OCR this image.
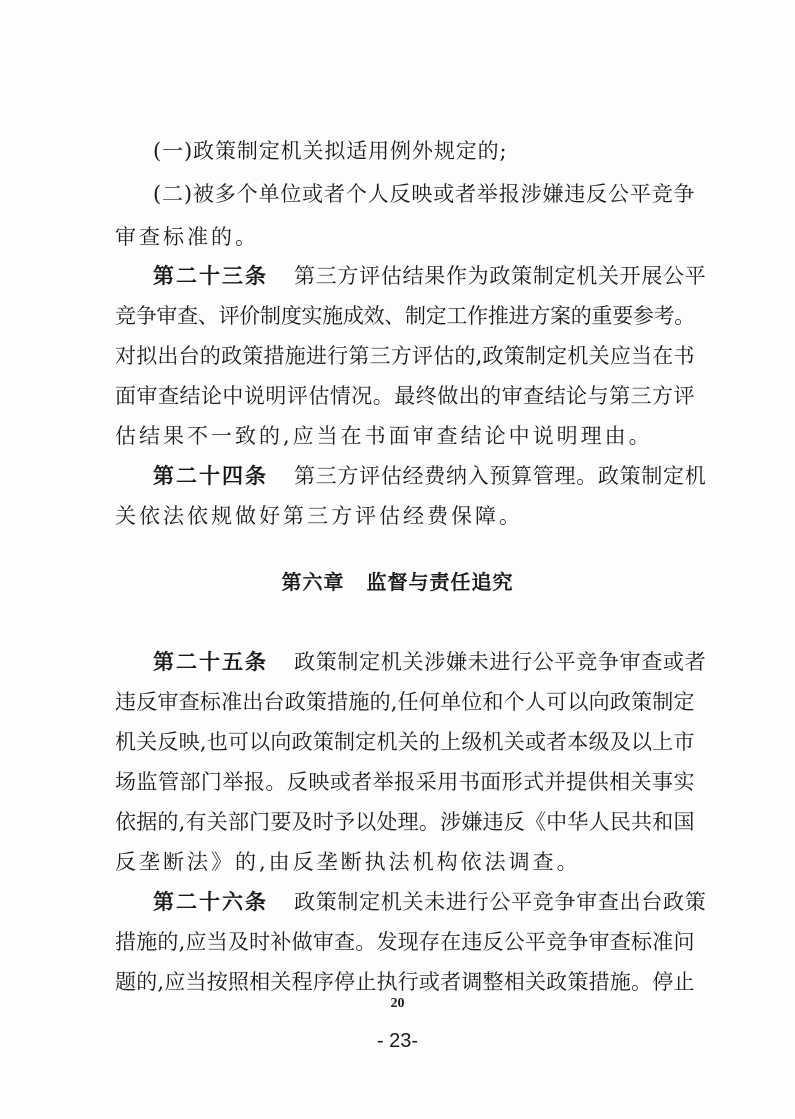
(一)政策制定机关拟适用例外规定的;
(二)被多个单位或者个人反映或者举报涉嫌违反公平竞争
审查标准的。
第二十三条 第三方评估结果作为政策制定机关开展公平
竞争审查、评价制度实施成效、制定工作推进方案的重要参考。
对拟出台的政策措施进行第三方评估的,政策制定机关应当在书
面审查结论中说明评估情况。最终做出的审查结论与第三方评
估结果不一致的,应当在书面审查结论中说明理由。
第二十四条 第三方评估经费纳入预算管理。政策制定机
关依法依规做好第三方评估经费保障。
第六章 监督与责任追究
第二十五条 政策制定机关涉嫌未进行公平竞争审查或者
违反审查标准出台政策措施的,任何单位和个人可以向政策制定
机关反映,也可以向政策制定机关的上级机关或者本级及以上市
场监管部门举报。反映或者举报采用书面形式并提供相关事实
依据的,有关部门要及时予以处理。涉嫌违反《中华人民共和国
反垄断法》的,由反垄断执法机构依法调查。
第二十六条 政策制定机关未进行公平竞争审查出台政策
措施的,应当及时补做审查。发现存在违反公平竞争审查标准问
题的,应当按照相关程序停止执行或者调整相关政策措施。停止
20
- 23-
